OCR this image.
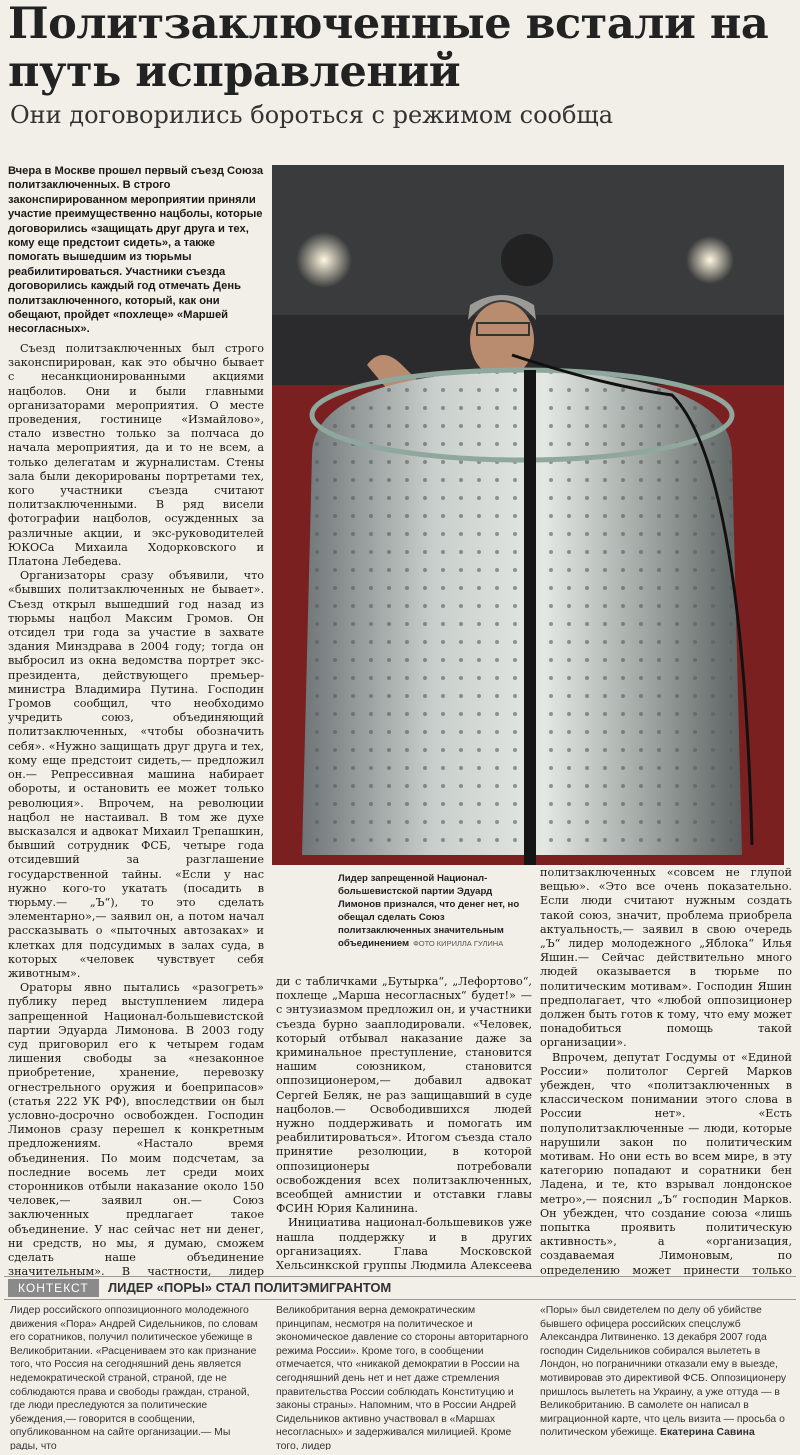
Политзаключенные встали на путь исправлений
Они договорились бороться с режимом сообща

Вчера в Москве прошел первый съезд Союза политзаключенных. В строго законспирированном мероприятии приняли участие преимущественно нацболы, которые договорились «защищать друг друга и тех, кому еще предстоит сидеть», а также помогать вышедшим из тюрьмы реабилитироваться. Участники съезда договорились каждый год отмечать День политзаключенного, который, как они обещают, пройдет «похлеще» «Маршей несогласных».

Съезд политзаключенных был строго законспирирован, как это обычно бывает с несанкционированными акциями нацболов. Они и были главными организаторами мероприятия. О месте проведения, гостинице «Измайлово», стало известно только за полчаса до начала мероприятия, да и то не всем, а только делегатам и журналистам. Стены зала были декорированы портретами тех, кого участники съезда считают политзаключенными. В ряд висели фотографии нацболов, осужденных за различные акции, и экс-руководителей ЮКОСа Михаила Ходорковского и Платона Лебедева.

Организаторы сразу объявили, что «бывших политзаключенных не бывает». Съезд открыл вышедший год назад из тюрьмы нацбол Максим Громов. Он отсидел три года за участие в захвате здания Минздрава в 2004 году; тогда он выбросил из окна ведомства портрет экс-президента, действующего премьер-министра Владимира Путина. Господин Громов сообщил, что необходимо учредить союз, объединяющий политзаключенных, «чтобы обозначить себя». «Нужно защищать друг друга и тех, кому еще предстоит сидеть,— предложил он.— Репрессивная машина набирает обороты, и остановить ее может только революция». Впрочем, на революции нацбол не настаивал. В том же духе высказался и адвокат Михаил Трепашкин, бывший сотрудник ФСБ, четыре года отсидевший за разглашение государственной тайны. «Если у нас нужно кого-то укатать (посадить в тюрьму.— „Ъ“), то это сделать элементарно»,— заявил он, а потом начал рассказывать о «пыточных автозаках» и клетках для подсудимых в залах суда, в которых «человек чувствует себя животным».

Ораторы явно пытались «разогреть» публику перед выступлением лидера запрещенной Национал-большевистской партии Эдуарда Лимонова. В 2003 году суд приговорил его к четырем годам лишения свободы за «незаконное приобретение, хранение, перевозку огнестрельного оружия и боеприпасов» (статья 222 УК РФ), впоследствии он был условно-досрочно освобожден. Господин Лимонов сразу перешел к конкретным предложениям. «Настало время объединения. По моим подсчетам, за последние восемь лет среди моих сторонников отбыли наказание около 150 человек,— заявил он.— Союз заключенных предлагает такое объединение. У нас сейчас нет ни денег, ни средств, но мы, я думаю, сможем сделать наше объединение значительным». В частности, лидер

Лидер запрещенной Национал-большевистской партии Эдуард Лимонов признался, что денег нет, но обещал сделать Союз политзаключенных значительным объединением ФОТО КИРИЛЛА ГУЛИНА

ди с табличками „Бутырка“, „Лефортово“, похлеще „Марша несогласных“ будет!» — с энтузиазмом предложил он, и участники съезда бурно зааплодировали. «Человек, который отбывал наказание даже за криминальное преступление, становится нашим союзником, становится оппозиционером,— добавил адвокат Сергей Беляк, не раз защищавший в суде нацболов.— Освободившихся людей нужно поддерживать и помогать им реабилитироваться». Итогом съезда стало принятие резолюции, в которой оппозиционеры потребовали освобождения всех политзаключенных, всеобщей амнистии и отставки главы ФСИН Юрия Калинина.

Инициатива национал-большевиков уже нашла поддержку и в других организациях. Глава Московской Хельсинкской группы Людмила Алексеева

политзаключенных «совсем не глупой вещью». «Это все очень показательно. Если люди считают нужным создать такой союз, значит, проблема приобрела актуальность,— заявил в свою очередь „Ъ“ лидер молодежного „Яблока“ Илья Яшин.— Сейчас действительно много людей оказывается в тюрьме по политическим мотивам». Господин Яшин предполагает, что «любой оппозиционер должен быть готов к тому, что ему может понадобиться помощь такой организации».

Впрочем, депутат Госдумы от «Единой России» политолог Сергей Марков убежден, что «политзаключенных в классическом понимании этого слова в России нет». «Есть полуполитзаключенные — люди, которые нарушили закон по политическим мотивам. Но они есть во всем мире, в эту категорию попадают и соратники бен Ладена, и те, кто взрывал лондонское метро»,— пояснил „Ъ“ господин Марков. Он убежден, что создание союза «лишь попытка проявить политическую активность», а «организация, создаваемая Лимоновым, по определению может принести только

КОНТЕКСТ	ЛИДЕР «ПОРЫ» СТАЛ ПОЛИТЭМИГРАНТОМ

Лидер российского оппозиционного молодежного движения «Пора» Андрей Сидельников, по словам его соратников, получил политическое убежище в Великобритании. «Расцениваем это как признание того, что Россия на сегодняшний день является недемократической страной, страной, где не соблюдаются права и свободы граждан, страной, где люди преследуются за политические убеждения,— говорится в сообщении, опубликованном на сайте организации.— Мы рады, что

Великобритания верна демократическим принципам, несмотря на политическое и экономическое давление со стороны авторитарного режима России». Кроме того, в сообщении отмечается, что «никакой демократии в России на сегодняшний день нет и нет даже стремления правительства России соблюдать Конституцию и законы страны». Напомним, что в России Андрей Сидельников активно участвовал в «Маршах несогласных» и задерживался милицией. Кроме того, лидер

«Поры» был свидетелем по делу об убийстве бывшего офицера российских спецслужб Александра Литвиненко. 13 декабря 2007 года господин Сидельников собирался вылететь в Лондон, но пограничники отказали ему в выезде, мотивировав это директивой ФСБ. Оппозиционеру пришлось вылететь на Украину, а уже оттуда — в Великобританию. В самолете он написал в миграционной карте, что цель визита — просьба о политическом убежище. Екатерина Савина
